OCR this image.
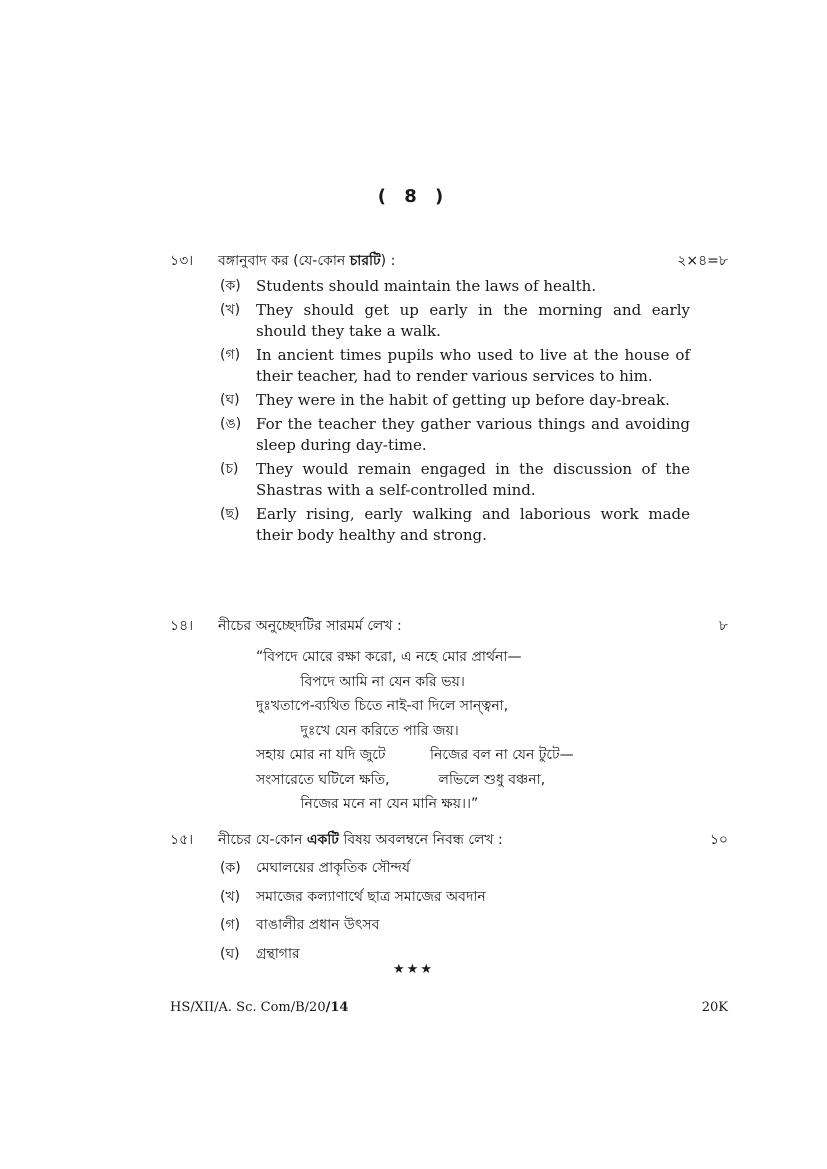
( 8 )
১৩। বঙ্গানুবাদ কর (যে-কোন চারটি) :	২×৪=৮
(ক) Students should maintain the laws of health.
(খ) They should get up early in the morning and early should they take a walk.
(গ) In ancient times pupils who used to live at the house of their teacher, had to render various services to him.
(ঘ) They were in the habit of getting up before day-break.
(ঙ) For the teacher they gather various things and avoiding sleep during day-time.
(চ) They would remain engaged in the discussion of the Shastras with a self-controlled mind.
(ছ) Early rising, early walking and laborious work made their body healthy and strong.
১৪। নীচের অনুচ্ছেদটির সারমর্ম লেখ :	৮
“বিপদে মোরে রক্ষা করো, এ নহে মোর প্রার্থনা—
বিপদে আমি না যেন করি ভয়।
দুঃখতাপে-ব্যথিত চিতে নাই-বা দিলে সান্ত্বনা,
দুঃখে যেন করিতে পারি জয়।
সহায় মোর না যদি জুটে          নিজের বল না যেন টুটে—
সংসারেতে ঘটিলে ক্ষতি,           লভিলে শুধু বঞ্চনা,
নিজের মনে না যেন মানি ক্ষয়।।”
১৫। নীচের যে-কোন একটি বিষয় অবলম্বনে নিবন্ধ লেখ :	১০
(ক) মেঘালয়ের প্রাকৃতিক সৌন্দর্য
(খ) সমাজের কল্যাণার্থে ছাত্র সমাজের অবদান
(গ) বাঙালীর প্রধান উৎসব
(ঘ) গ্রন্থাগার
★★★
HS/XII/A. Sc. Com/B/20/14	20K
